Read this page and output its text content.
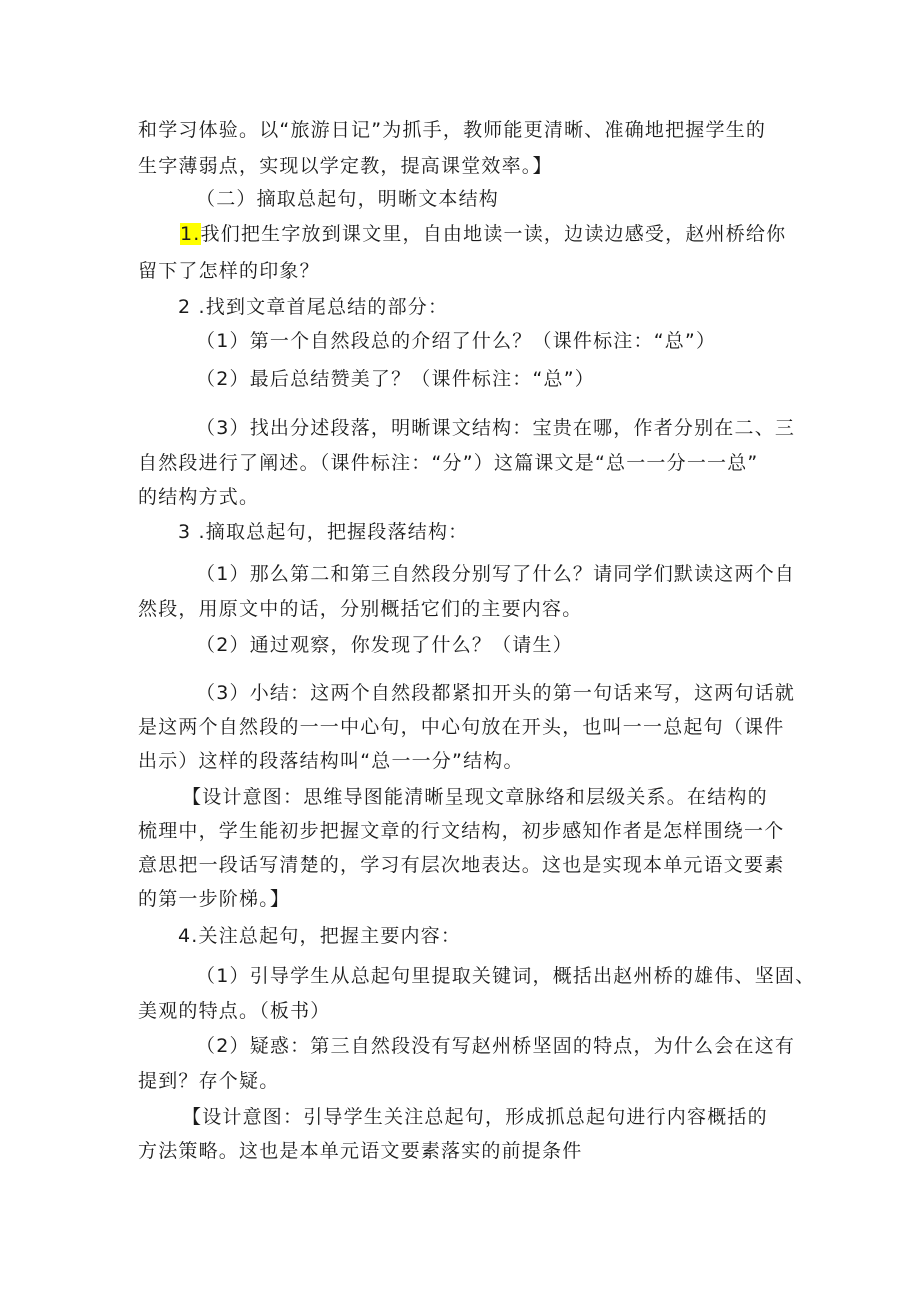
和学习体验。以“旅游日记”为抓手，教师能更清晰、准确地把握学生的
生字薄弱点，实现以学定教，提高课堂效率。】
（二）摘取总起句，明晰文本结构
1.我们把生字放到课文里，自由地读一读，边读边感受，赵州桥给你
留下了怎样的印象？
2 .找到文章首尾总结的部分：
（1）第一个自然段总的介绍了什么？（课件标注：“总”）
（2）最后总结赞美了？（课件标注：“总”）
（3）找出分述段落，明晰课文结构：宝贵在哪，作者分别在二、三
自然段进行了阐述。（课件标注：“分”）这篇课文是“总一一分一一总”
的结构方式。
3 .摘取总起句，把握段落结构：
（1）那么第二和第三自然段分别写了什么？请同学们默读这两个自
然段，用原文中的话，分别概括它们的主要内容。
（2）通过观察，你发现了什么？（请生）
（3）小结：这两个自然段都紧扣开头的第一句话来写，这两句话就
是这两个自然段的一一中心句，中心句放在开头，也叫一一总起句（课件
出示）这样的段落结构叫“总一一分”结构。
【设计意图：思维导图能清晰呈现文章脉络和层级关系。在结构的
梳理中，学生能初步把握文章的行文结构，初步感知作者是怎样围绕一个
意思把一段话写清楚的，学习有层次地表达。这也是实现本单元语文要素
的第一步阶梯。】
4.关注总起句，把握主要内容：
（1）引导学生从总起句里提取关键词，概括出赵州桥的雄伟、坚固、
美观的特点。（板书）
（2）疑惑：第三自然段没有写赵州桥坚固的特点，为什么会在这有
提到？存个疑。
【设计意图：引导学生关注总起句，形成抓总起句进行内容概括的
方法策略。这也是本单元语文要素落实的前提条件
